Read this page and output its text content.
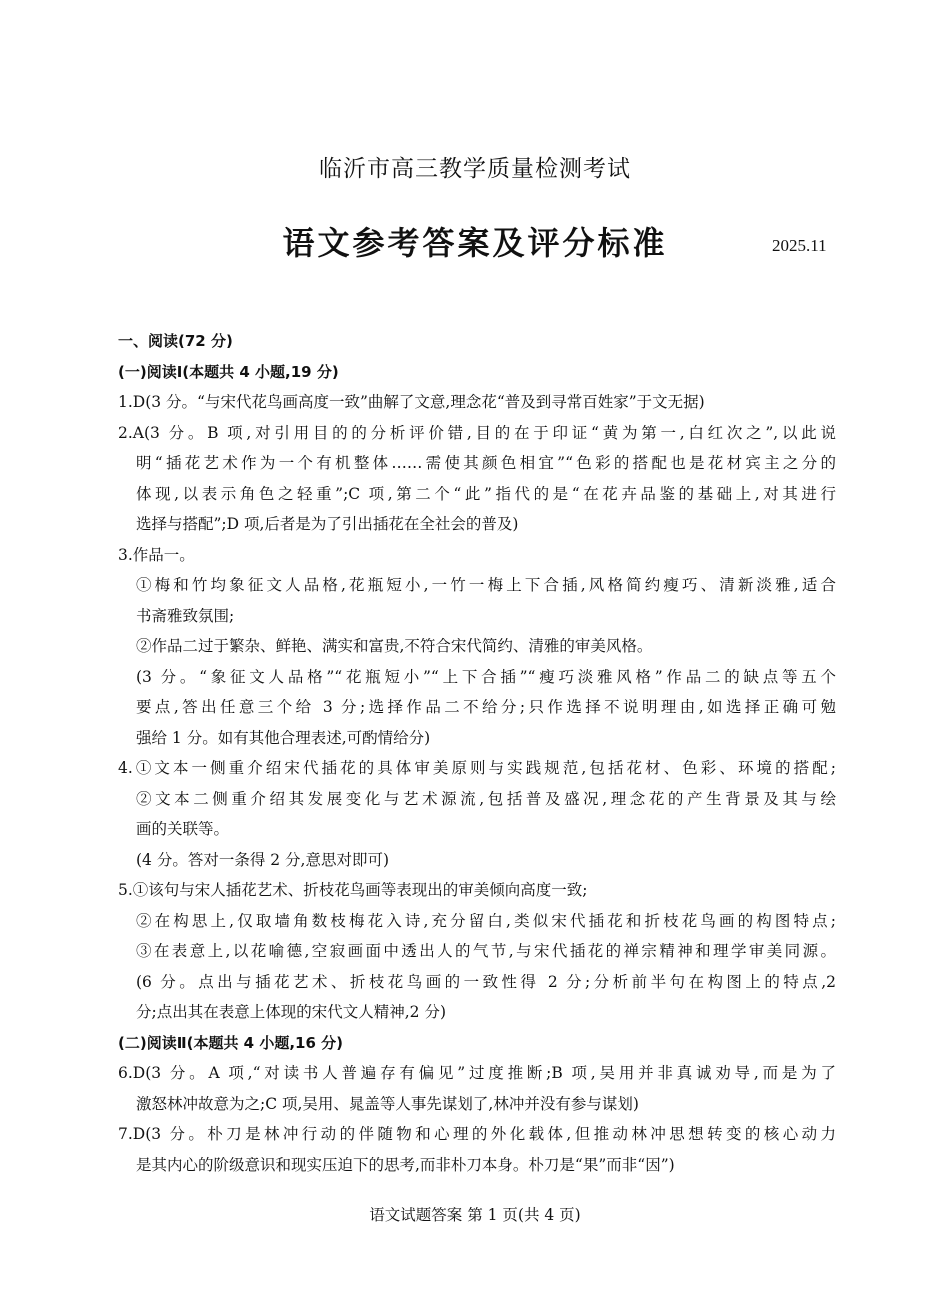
临沂市高三教学质量检测考试
语文参考答案及评分标准	2025.11
一、阅读(72 分)
(一)阅读Ⅰ(本题共 4 小题,19 分)
1.D(3 分。“与宋代花鸟画高度一致”曲解了文意,理念花“普及到寻常百姓家”于文无据)
2.A(3 分。B 项,对引用目的的分析评价错,目的在于印证“黄为第一,白红次之”,以此说
明“插花艺术作为一个有机整体……需使其颜色相宜”“色彩的搭配也是花材宾主之分的
体现,以表示角色之轻重”;C 项,第二个“此”指代的是“在花卉品鉴的基础上,对其进行
选择与搭配”;D 项,后者是为了引出插花在全社会的普及)
3.作品一。
①梅和竹均象征文人品格,花瓶短小,一竹一梅上下合插,风格简约瘦巧、清新淡雅,适合
书斋雅致氛围;
②作品二过于繁杂、鲜艳、满实和富贵,不符合宋代简约、清雅的审美风格。
(3 分。“象征文人品格”“花瓶短小”“上下合插”“瘦巧淡雅风格”作品二的缺点等五个
要点,答出任意三个给 3 分;选择作品二不给分;只作选择不说明理由,如选择正确可勉
强给 1 分。如有其他合理表述,可酌情给分)
4.①文本一侧重介绍宋代插花的具体审美原则与实践规范,包括花材、色彩、环境的搭配;
②文本二侧重介绍其发展变化与艺术源流,包括普及盛况,理念花的产生背景及其与绘
画的关联等。
(4 分。答对一条得 2 分,意思对即可)
5.①该句与宋人插花艺术、折枝花鸟画等表现出的审美倾向高度一致;
②在构思上,仅取墙角数枝梅花入诗,充分留白,类似宋代插花和折枝花鸟画的构图特点;
③在表意上,以花喻德,空寂画面中透出人的气节,与宋代插花的禅宗精神和理学审美同源。
(6 分。点出与插花艺术、折枝花鸟画的一致性得 2 分;分析前半句在构图上的特点,2
分;点出其在表意上体现的宋代文人精神,2 分)
(二)阅读Ⅱ(本题共 4 小题,16 分)
6.D(3 分。A 项,“对读书人普遍存有偏见”过度推断;B 项,吴用并非真诚劝导,而是为了
激怒林冲故意为之;C 项,吴用、晁盖等人事先谋划了,林冲并没有参与谋划)
7.D(3 分。朴刀是林冲行动的伴随物和心理的外化载体,但推动林冲思想转变的核心动力
是其内心的阶级意识和现实压迫下的思考,而非朴刀本身。朴刀是“果”而非“因”)
语文试题答案 第 1 页(共 4 页)
